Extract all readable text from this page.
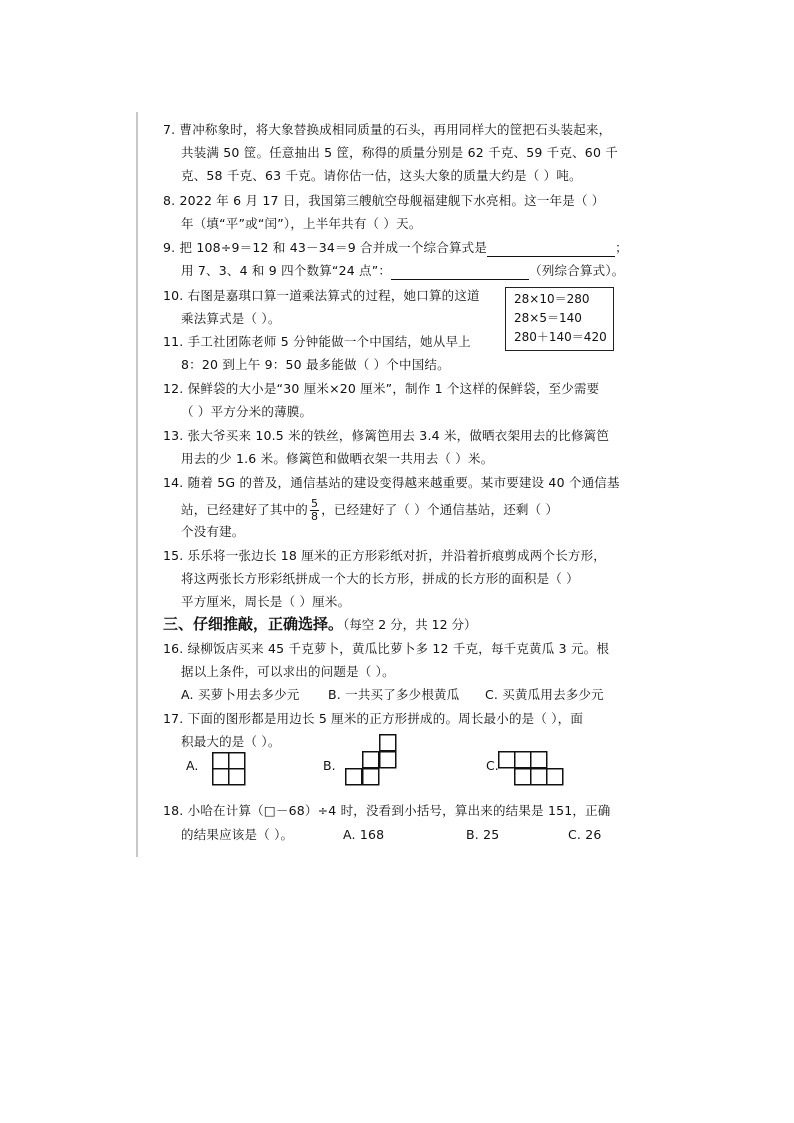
7. 曹冲称象时，将大象替换成相同质量的石头，再用同样大的筐把石头装起来，
共装满 50 筐。任意抽出 5 筐，称得的质量分别是 62 千克、59 千克、60 千
克、58 千克、63 千克。请你估一估，这头大象的质量大约是（ ）吨。
8. 2022 年 6 月 17 日，我国第三艘航空母舰福建舰下水亮相。这一年是（ ）
年（填“平”或“闰”），上半年共有（ ）天。
9. 把 108÷9＝12 和 43－34＝9 合并成一个综合算式是	；
用 7、3、4 和 9 四个数算“24 点”：	（列综合算式）。
10. 右图是嘉琪口算一道乘法算式的过程，她口算的这道
乘法算式是（ ）。
28×10＝280
28×5＝140
280＋140＝420
11. 手工社团陈老师 5 分钟能做一个中国结，她从早上
8：20 到上午 9：50 最多能做（ ）个中国结。
12. 保鲜袋的大小是“30 厘米×20 厘米”，制作 1 个这样的保鲜袋，至少需要
（ ）平方分米的薄膜。
13. 张大爷买来 10.5 米的铁丝，修篱笆用去 3.4 米，做晒衣架用去的比修篱笆
用去的少 1.6 米。修篱笆和做晒衣架一共用去（ ）米。
14. 随着 5G 的普及，通信基站的建设变得越来越重要。某市要建设 40 个通信基
站，已经建好了其中的 $\frac{5}{8}$ ，已经建好了（ ）个通信基站，还剩（ ）
个没有建。
15. 乐乐将一张边长 18 厘米的正方形彩纸对折，并沿着折痕剪成两个长方形，
将这两张长方形彩纸拼成一个大的长方形，拼成的长方形的面积是（ ）
平方厘米，周长是（ ）厘米。
三、仔细推敲，正确选择。（每空 2 分，共 12 分）
16. 绿柳饭店买来 45 千克萝卜，黄瓜比萝卜多 12 千克，每千克黄瓜 3 元。根
据以上条件，可以求出的问题是（ ）。
A. 买萝卜用去多少元 B. 一共买了多少根黄瓜 C. 买黄瓜用去多少元
17. 下面的图形都是用边长 5 厘米的正方形拼成的。周长最小的是（ ），面
积最大的是（ ）。
A.	B.	C.
18. 小哈在计算（□－68）÷4 时，没看到小括号，算出来的结果是 151，正确
的结果应该是（ ）。	A. 168	B. 25	C. 26
